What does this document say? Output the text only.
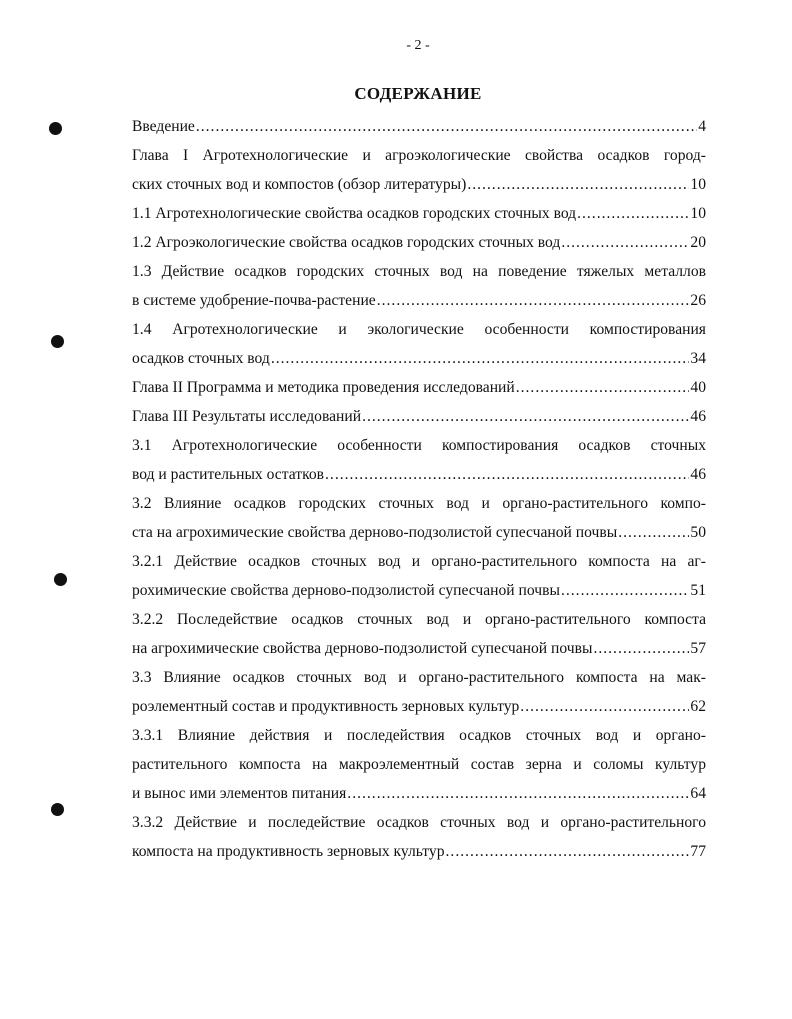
- 2 -
СОДЕРЖАНИЕ
Введение .....	4
Глава I Агротехнологические и агроэкологические свойства осадков город-
ских сточных вод и компостов (обзор литературы) .....	10
1.1 Агротехнологические свойства осадков городских сточных вод .....	10
1.2 Агроэкологические свойства осадков городских сточных вод .....	20
1.3 Действие осадков городских сточных вод на поведение тяжелых металлов
в системе удобрение-почва-растение .....	26
1.4 Агротехнологические и экологические особенности компостирования
осадков сточных вод .....	34
Глава II Программа и методика проведения исследований .....	40
Глава III Результаты исследований .....	46
3.1 Агротехнологические особенности компостирования осадков сточных
вод и растительных остатков .....	46
3.2 Влияние осадков городских сточных вод и органо-растительного компо-
ста на агрохимические свойства дерново-подзолистой супесчаной почвы .....	50
3.2.1 Действие осадков сточных вод и органо-растительного компоста на аг-
рохимические свойства дерново-подзолистой супесчаной почвы .....	51
3.2.2 Последействие осадков сточных вод и органо-растительного компоста
на агрохимические свойства дерново-подзолистой супесчаной почвы .....	57
3.3 Влияние осадков сточных вод и органо-растительного компоста на мак-
роэлементный состав и продуктивность зерновых культур .....	62
3.3.1 Влияние действия и последействия осадков сточных вод и органо-
растительного компоста на макроэлементный состав зерна и соломы культур
и вынос ими элементов питания .....	64
3.3.2 Действие и последействие осадков сточных вод и органо-растительного
компоста на продуктивность зерновых культур .....	77
